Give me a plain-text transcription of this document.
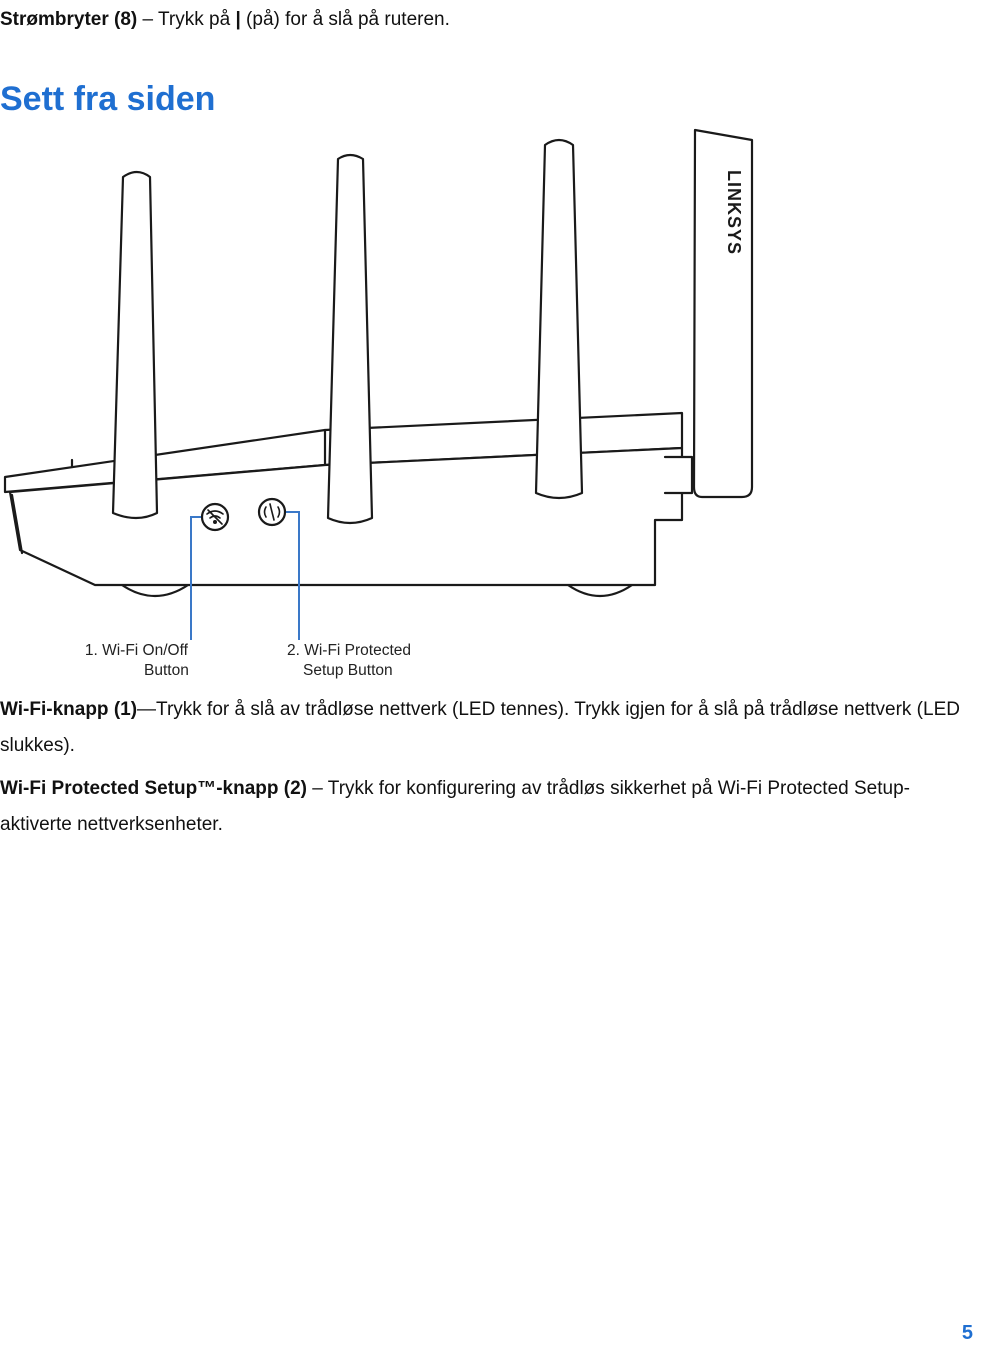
Strømbryter (8) – Trykk på | (på) for å slå på ruteren.
Sett fra siden
LINKSYS
1. Wi-Fi On/Off
Button
2. Wi-Fi Protected
Setup Button

Wi-Fi-knapp (1)—Trykk for å slå av trådløse nettverk (LED tennes). Trykk igjen for å slå på trådløse nettverk (LED slukkes).

Wi-Fi Protected Setup™-knapp (2) – Trykk for konfigurering av trådløs sikkerhet på Wi-Fi Protected Setup-aktiverte nettverksenheter.

5
